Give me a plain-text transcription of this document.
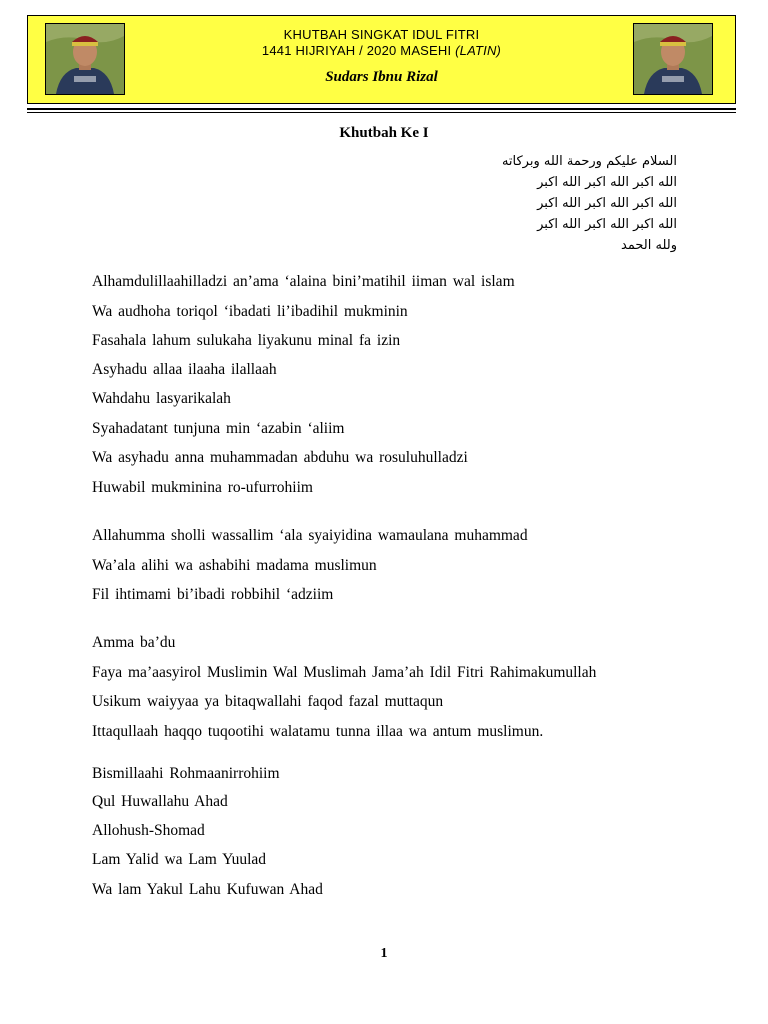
KHUTBAH SINGKAT IDUL FITRI
1441 HIJRIYAH / 2020 MASEHI (LATIN)
Sudars Ibnu Rizal
Khutbah Ke I
السلام عليكم ورحمة الله وبركاته
الله اكبر الله اكبر الله اكبر
الله اكبر الله اكبر الله اكبر
الله اكبر الله اكبر الله اكبر
ولله الحمد
Alhamdulillaahilladzi an’ama ‘alaina bini’matihil iiman wal islam
Wa audhoha toriqol ‘ibadati li’ibadihil mukminin
Fasahala lahum sulukaha liyakunu minal fa izin
Asyhadu allaa ilaaha ilallaah
Wahdahu lasyarikalah
Syahadatant tunjuna min ‘azabin ‘aliim
Wa asyhadu anna muhammadan abduhu wa rosuluhulladzi
Huwabil mukminina ro-ufurrohiim
Allahumma sholli wassallim ‘ala syaiyidina wamaulana muhammad
Wa’ala alihi wa ashabihi madama muslimun
Fil ihtimami bi’ibadi robbihil ‘adziim
Amma ba’du
Faya ma’aasyirol Muslimin Wal Muslimah Jama’ah Idil Fitri Rahimakumullah
Usikum waiyyaa ya bitaqwallahi faqod fazal muttaqun
Ittaqullaah haqqo tuqootihi walatamu tunna illaa wa antum muslimun.
Bismillaahi Rohmaanirrohiim
Qul Huwallahu Ahad
Allohush-Shomad
Lam Yalid wa Lam Yuulad
Wa lam Yakul Lahu Kufuwan Ahad
1
